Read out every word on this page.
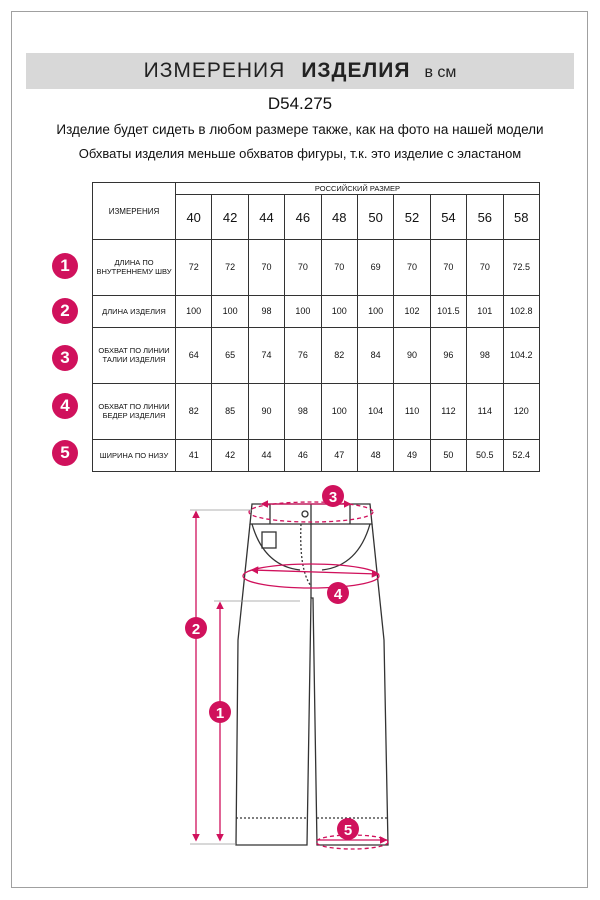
ИЗМЕРЕНИЯ ИЗДЕЛИЯ в см
D54.275
Изделие будет сидеть в любом размере также, как на фото на нашей модели
Обхваты изделия меньше обхватов фигуры, т.к. это изделие с эластаном
ИЗМЕРЕНИЯ	РОССИЙСКИЙ РАЗМЕР									
	40	42	44	46	48	50	52	54	56	58
ДЛИНА ПО ВНУТРЕННЕМУ ШВУ	72	72	70	70	70	69	70	70	70	72.5
ДЛИНА ИЗДЕЛИЯ	100	100	98	100	100	100	102	101.5	101	102.8
ОБХВАТ ПО ЛИНИИ ТАЛИИ ИЗДЕЛИЯ	64	65	74	76	82	84	90	96	98	104.2
ОБХВАТ ПО ЛИНИИ БЕДЕР ИЗДЕЛИЯ	82	85	90	98	100	104	110	112	114	120
ШИРИНА ПО НИЗУ	41	42	44	46	47	48	49	50	50.5	52.4
1
2
3
4
5
2
1
3
4
5
